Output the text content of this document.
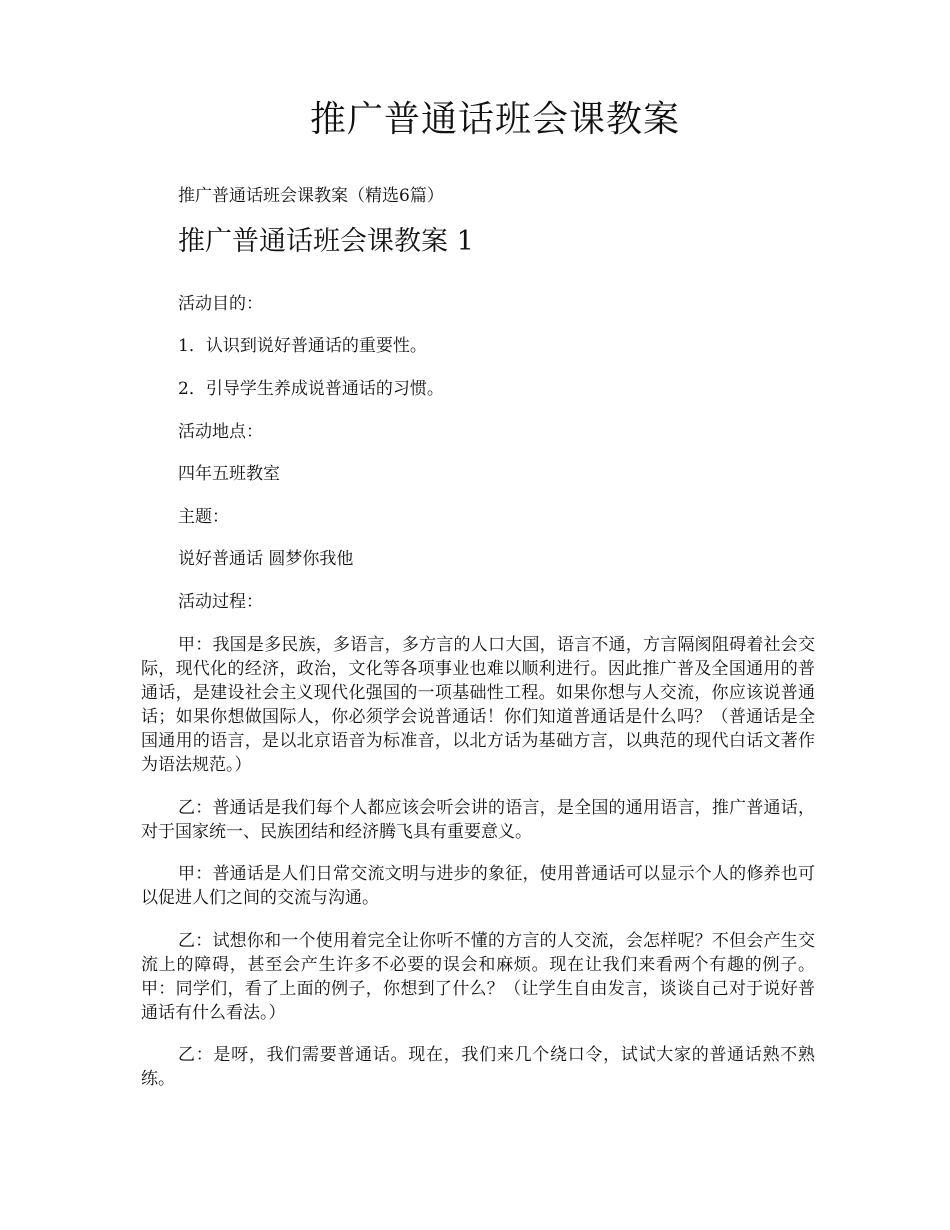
推广普通话班会课教案

推广普通话班会课教案（精选6篇）

推广普通话班会课教案 1

活动目的：

1．认识到说好普通话的重要性。

2．引导学生养成说普通话的习惯。

活动地点：

四年五班教室

主题：

说好普通话 圆梦你我他

活动过程：

甲：我国是多民族，多语言，多方言的人口大国，语言不通，方言隔阂阻碍着社会交际，现代化的经济，政治，文化等各项事业也难以顺利进行。因此推广普及全国通用的普通话，是建设社会主义现代化强国的一项基础性工程。如果你想与人交流，你应该说普通话；如果你想做国际人，你必须学会说普通话！你们知道普通话是什么吗？（普通话是全国通用的语言，是以北京语音为标准音，以北方话为基础方言，以典范的现代白话文著作为语法规范。）

乙：普通话是我们每个人都应该会听会讲的语言，是全国的通用语言，推广普通话，对于国家统一、民族团结和经济腾飞具有重要意义。

甲：普通话是人们日常交流文明与进步的象征，使用普通话可以显示个人的修养也可以促进人们之间的交流与沟通。

乙：试想你和一个使用着完全让你听不懂的方言的人交流，会怎样呢？不但会产生交流上的障碍，甚至会产生许多不必要的误会和麻烦。现在让我们来看两个有趣的例子。 甲：同学们，看了上面的例子，你想到了什么？（让学生自由发言，谈谈自己对于说好普通话有什么看法。）

乙：是呀，我们需要普通话。现在，我们来几个绕口令，试试大家的普通话熟不熟练。
